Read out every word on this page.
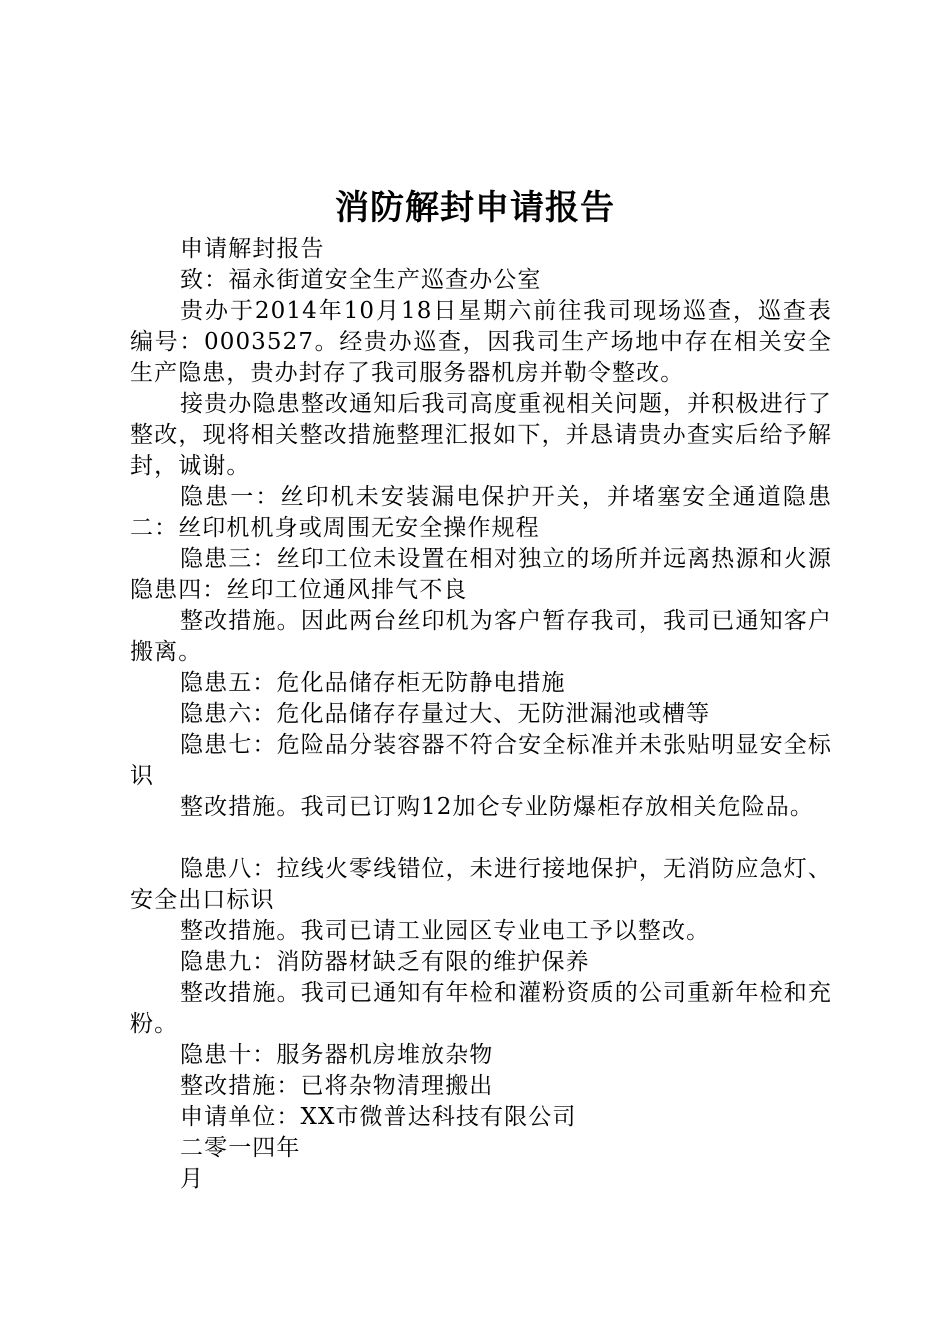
消防解封申请报告

申请解封报告

致：福永街道安全生产巡查办公室

贵办于2014年10月18日星期六前往我司现场巡查，巡查表编号：0003527。经贵办巡查，因我司生产场地中存在相关安全生产隐患，贵办封存了我司服务器机房并勒令整改。

接贵办隐患整改通知后我司高度重视相关问题，并积极进行了整改，现将相关整改措施整理汇报如下，并恳请贵办查实后给予解封，诚谢。

隐患一：丝印机未安装漏电保护开关，并堵塞安全通道隐患二：丝印机机身或周围无安全操作规程

隐患三：丝印工位未设置在相对独立的场所并远离热源和火源隐患四：丝印工位通风排气不良

整改措施。因此两台丝印机为客户暂存我司，我司已通知客户搬离。

隐患五：危化品储存柜无防静电措施

隐患六：危化品储存存量过大、无防泄漏池或槽等

隐患七：危险品分装容器不符合安全标准并未张贴明显安全标识

整改措施。我司已订购12加仑专业防爆柜存放相关危险品。

隐患八：拉线火零线错位，未进行接地保护，无消防应急灯、安全出口标识

整改措施。我司已请工业园区专业电工予以整改。

隐患九：消防器材缺乏有限的维护保养

整改措施。我司已通知有年检和灌粉资质的公司重新年检和充粉。

隐患十：服务器机房堆放杂物

整改措施：已将杂物清理搬出

申请单位：XX市微普达科技有限公司

二零一四年

月
